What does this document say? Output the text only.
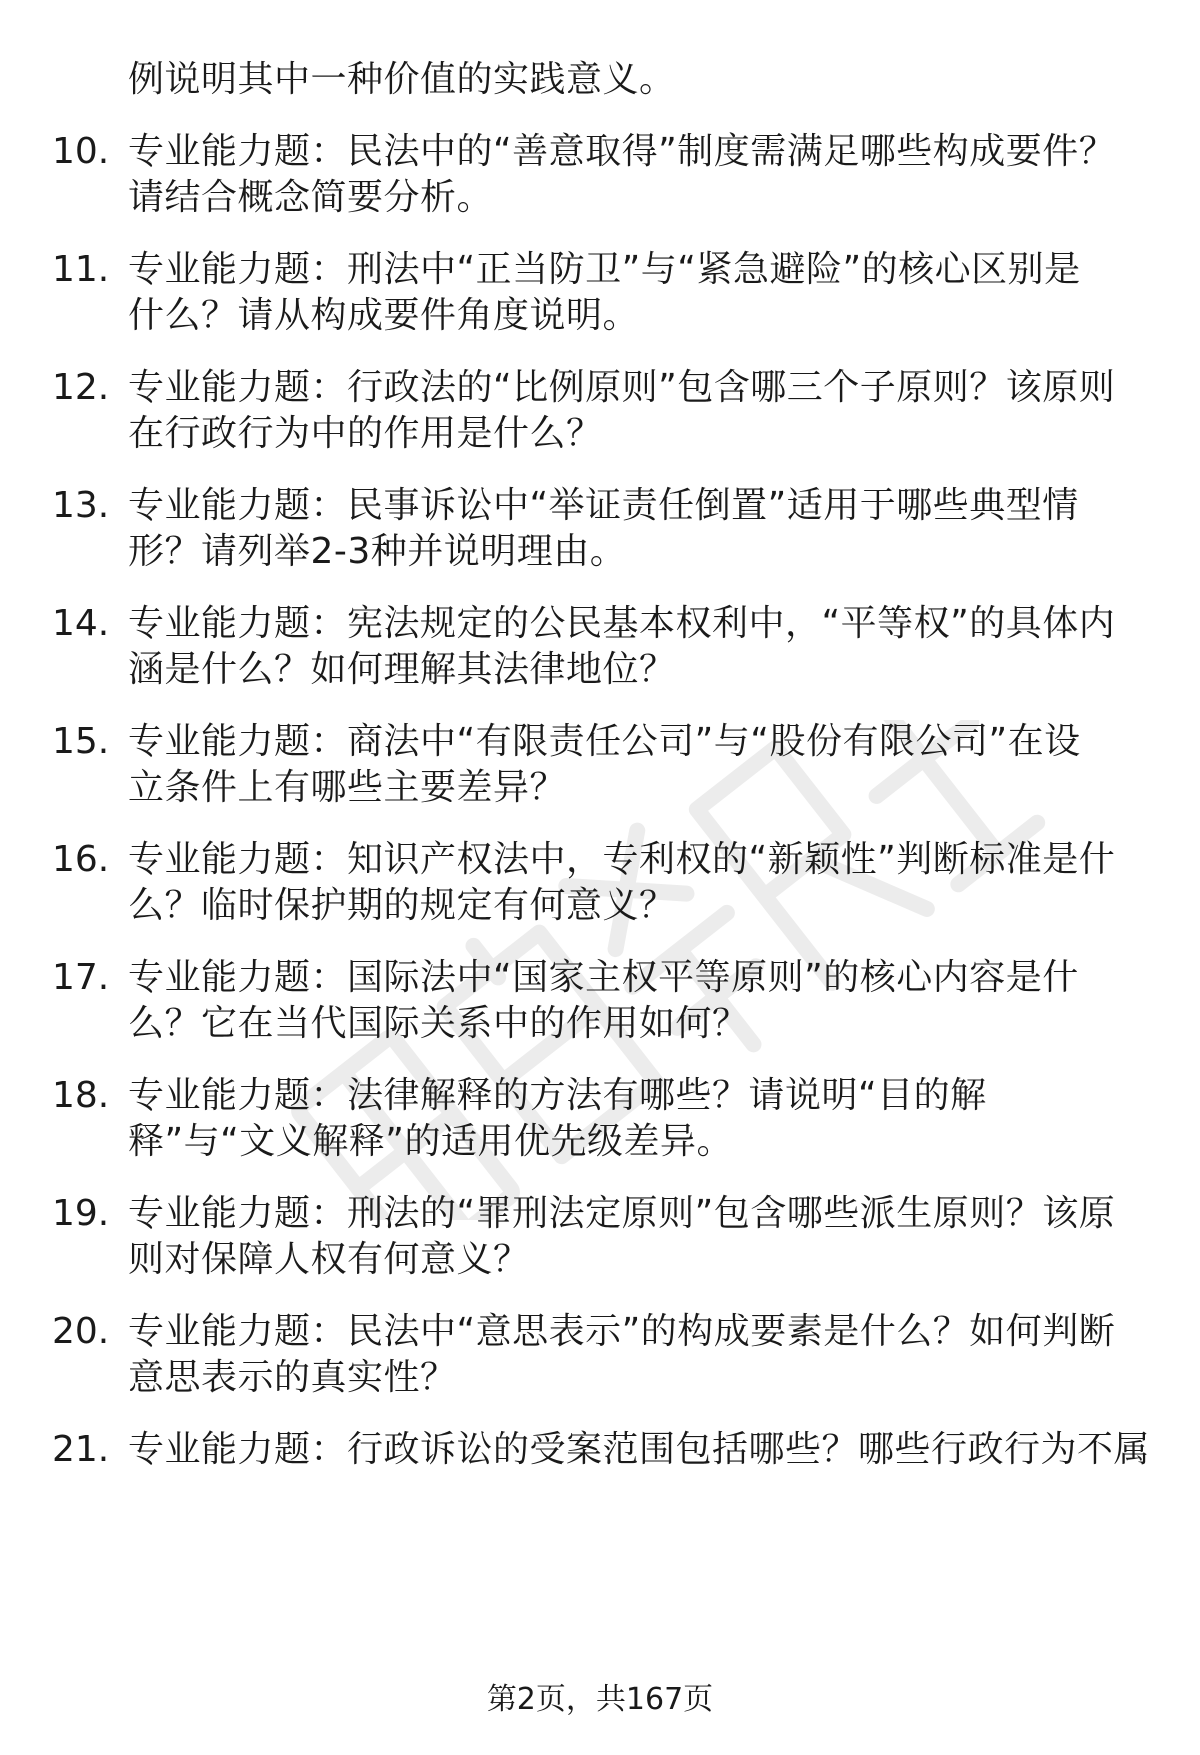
例说明其中一种价值的实践意义。
10. 专业能力题：民法中的“善意取得”制度需满足哪些构成要件？
请结合概念简要分析。
11. 专业能力题：刑法中“正当防卫”与“紧急避险”的核心区别是
什么？请从构成要件角度说明。
12. 专业能力题：行政法的“比例原则”包含哪三个子原则？该原则
在行政行为中的作用是什么？
13. 专业能力题：民事诉讼中“举证责任倒置”适用于哪些典型情
形？请列举2-3种并说明理由。
14. 专业能力题：宪法规定的公民基本权利中，“平等权”的具体内
涵是什么？如何理解其法律地位？
15. 专业能力题：商法中“有限责任公司”与“股份有限公司”在设
立条件上有哪些主要差异？
16. 专业能力题：知识产权法中，专利权的“新颖性”判断标准是什
么？临时保护期的规定有何意义？
17. 专业能力题：国际法中“国家主权平等原则”的核心内容是什
么？它在当代国际关系中的作用如何？
18. 专业能力题：法律解释的方法有哪些？请说明“目的解
释”与“文义解释”的适用优先级差异。
19. 专业能力题：刑法的“罪刑法定原则”包含哪些派生原则？该原
则对保障人权有何意义？
20. 专业能力题：民法中“意思表示”的构成要素是什么？如何判断
意思表示的真实性？
21. 专业能力题：行政诉讼的受案范围包括哪些？哪些行政行为不属
第2页，共167页
